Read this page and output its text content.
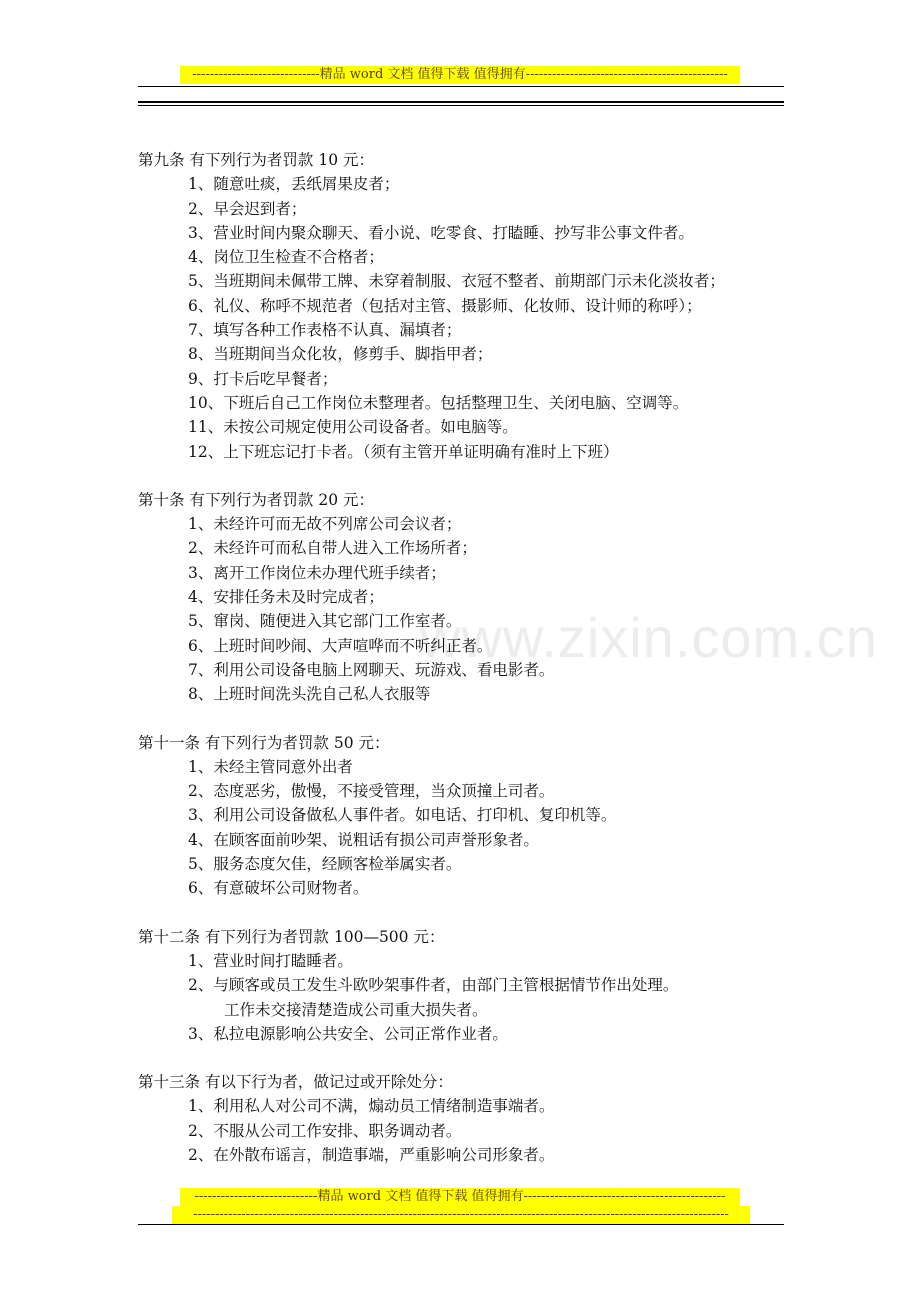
-----------------------------精品 word 文档 值得下载 值得拥有----------------------------------------------
www.zixin.com.cn

第九条 有下列行为者罚款 10 元：

1、随意吐痰，丢纸屑果皮者；

2、早会迟到者；

3、营业时间内聚众聊天、看小说、吃零食、打瞌睡、抄写非公事文件者。

4、岗位卫生检查不合格者；

5、当班期间未佩带工牌、未穿着制服、衣冠不整者、前期部门示未化淡妆者；

6、礼仪、称呼不规范者（包括对主管、摄影师、化妆师、设计师的称呼）；

7、填写各种工作表格不认真、漏填者；

8、当班期间当众化妆，修剪手、脚指甲者；

9、打卡后吃早餐者；

10、下班后自己工作岗位未整理者。包括整理卫生、关闭电脑、空调等。

11、未按公司规定使用公司设备者。如电脑等。

12、上下班忘记打卡者。（须有主管开单证明确有准时上下班）

第十条 有下列行为者罚款 20 元：

1、未经许可而无故不列席公司会议者；

2、未经许可而私自带人进入工作场所者；

3、离开工作岗位未办理代班手续者；

4、安排任务未及时完成者；

5、窜岗、随便进入其它部门工作室者。

6、上班时间吵闹、大声喧哗而不听纠正者。

7、利用公司设备电脑上网聊天、玩游戏、看电影者。

8、上班时间洗头洗自己私人衣服等

第十一条 有下列行为者罚款 50 元：

1、未经主管同意外出者

2、态度恶劣，傲慢，不接受管理，当众顶撞上司者。

3、利用公司设备做私人事件者。如电话、打印机、复印机等。

4、在顾客面前吵架、说粗话有损公司声誉形象者。

5、服务态度欠佳，经顾客检举属实者。

6、有意破坏公司财物者。

第十二条 有下列行为者罚款 100—500 元：

1、营业时间打瞌睡者。

2、与顾客或员工发生斗欧吵架事件者，由部门主管根据情节作出处理。

工作未交接清楚造成公司重大损失者。

3、私拉电源影响公共安全、公司正常作业者。

第十三条 有以下行为者，做记过或开除处分：

1、利用私人对公司不满，煽动员工情绪制造事端者。

2、不服从公司工作安排、职务调动者。

2、在外散布谣言，制造事端，严重影响公司形象者。

----------------------------精品 word 文档 值得下载 值得拥有----------------------------------------------
--------------------------------------------------------------------------------------------------------------------------
